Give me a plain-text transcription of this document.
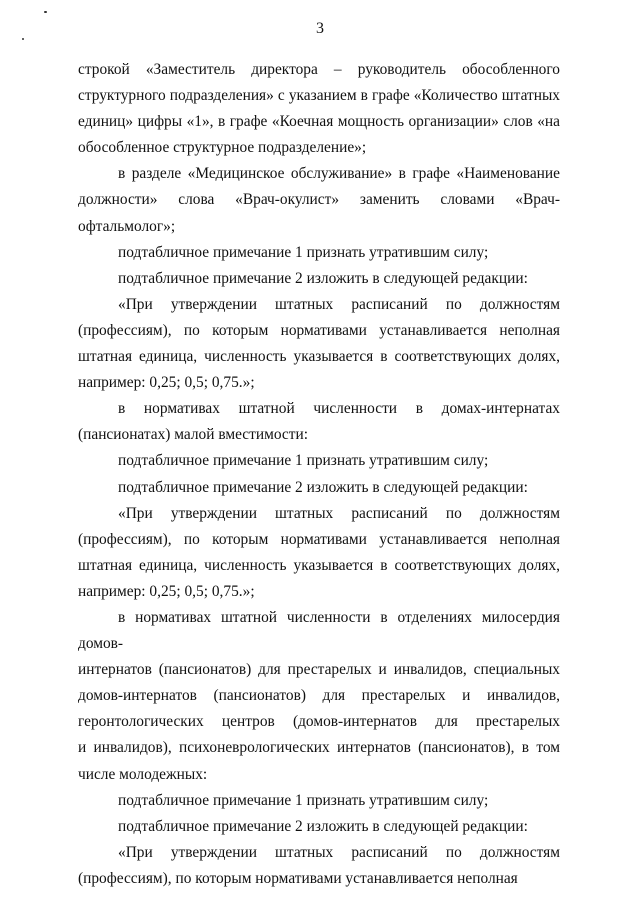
3
строкой «Заместитель директора – руководитель обособленного
структурного подразделения» с указанием в графе «Количество штатных
единиц» цифры «1», в графе «Коечная мощность организации» слов «на
обособленное структурное подразделение»;
в разделе «Медицинское обслуживание» в графе «Наименование
должности» слова «Врач-окулист» заменить словами «Врач-офтальмолог»;
подтабличное примечание 1 признать утратившим силу;
подтабличное примечание 2 изложить в следующей редакции:
«При утверждении штатных расписаний по должностям
(профессиям), по которым нормативами устанавливается неполная
штатная единица, численность указывается в соответствующих долях,
например: 0,25; 0,5; 0,75.»;
в нормативах штатной численности в домах-интернатах
(пансионатах) малой вместимости:
подтабличное примечание 1 признать утратившим силу;
подтабличное примечание 2 изложить в следующей редакции:
«При утверждении штатных расписаний по должностям
(профессиям), по которым нормативами устанавливается неполная
штатная единица, численность указывается в соответствующих долях,
например: 0,25; 0,5; 0,75.»;
в нормативах штатной численности в отделениях милосердия домов-
интернатов (пансионатов) для престарелых и инвалидов, специальных
домов-интернатов (пансионатов) для престарелых и инвалидов,
геронтологических центров (домов-интернатов для престарелых
и инвалидов), психоневрологических интернатов (пансионатов), в том
числе молодежных:
подтабличное примечание 1 признать утратившим силу;
подтабличное примечание 2 изложить в следующей редакции:
«При утверждении штатных расписаний по должностям
(профессиям), по которым нормативами устанавливается неполная
